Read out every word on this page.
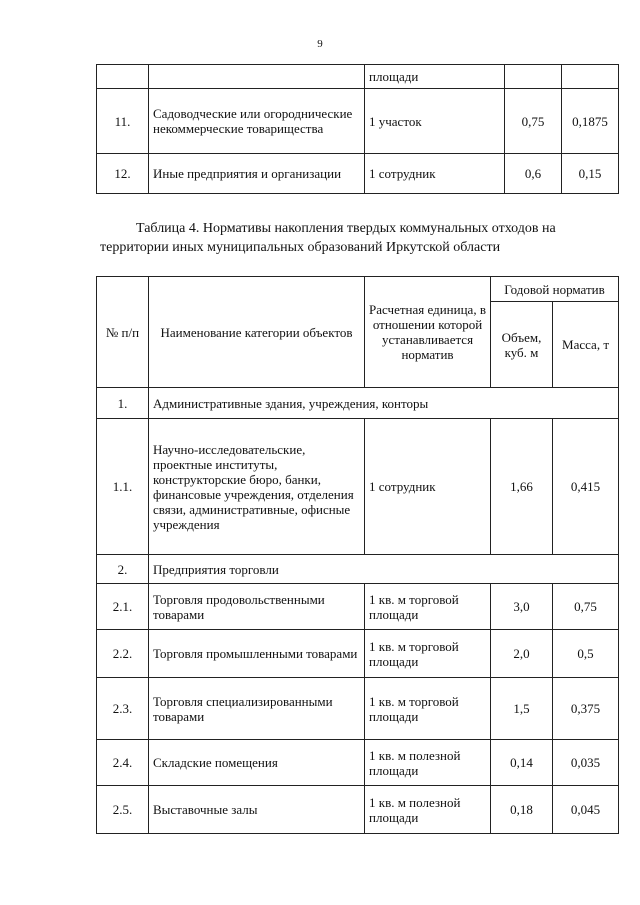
9
		площади		
11.	Садоводческие или огороднические некоммерческие товарищества	1 участок	0,75	0,1875
12.	Иные предприятия и организации	1 сотрудник	0,6	0,15
Таблица 4. Нормативы накопления твердых коммунальных отходов на
территории иных муниципальных образований Иркутской области
№ п/п	Наименование категории объектов	Расчетная единица, в отношении которой устанавливается норматив	Годовой норматив	
			Объем, куб. м	Масса, т
1.	Административные здания, учреждения, конторы			
1.1.	Научно-исследовательские, проектные институты, конструкторские бюро, банки, финансовые учреждения, отделения связи, административные, офисные учреждения	1 сотрудник	1,66	0,415
2.	Предприятия торговли			
2.1.	Торговля продовольственными товарами	1 кв. м торговой площади	3,0	0,75
2.2.	Торговля промышленными товарами	1 кв. м торговой площади	2,0	0,5
2.3.	Торговля специализированными товарами	1 кв. м торговой площади	1,5	0,375
2.4.	Складские помещения	1 кв. м полезной площади	0,14	0,035
2.5.	Выставочные залы	1 кв. м полезной площади	0,18	0,045
